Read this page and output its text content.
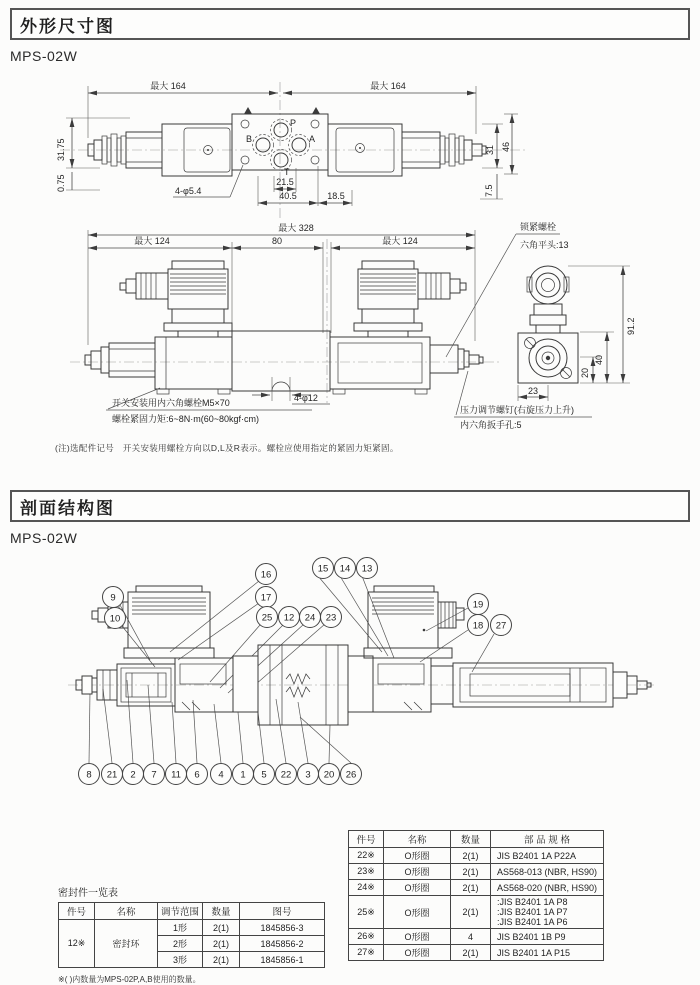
外形尺寸图
MPS-02W
最大 164	最大 164
31.75
0.75
31 46
7.5
P
A
B
T
21.5
40.5	18.5
4-φ5.4
最大 328
最大 124	80	最大 124
4-φ12
开关安装用内六角螺栓M5×70
螺栓紧固力矩:6~8N·m(60~80kgf·cm)
锁紧螺栓
六角平头:13
91.2
40
20
23
压力调节螺钉(右旋压力上升)
内六角扳手孔:5
(注)选配件记号　开关安装用螺栓方向以D,L及R表示。螺栓应使用指定的紧固力矩紧固。
剖面结构图
MPS-02W
9
10
16
17
25 12 24 23
15 14 13
19
18 27
8 21 2 7 11 6 4 1 5 22 3 20 26
密封件一览表
件号	名称	调节范围	数量	图号
12※	密封环	1形	2(1)	1845856-3
		2形	2(1)	1845856-2
		3形	2(1)	1845856-1
※( )内数量为MPS-02P,A,B使用的数量。
件号	名称	数量	部 品 规 格
22※	O形圈	2(1)	JIS B2401 1A P22A
23※	O形圈	2(1)	AS568-013 (NBR, HS90)
24※	O形圈	2(1)	AS568-020 (NBR, HS90)
25※	O形圈	2(1)	:JIS B2401 1A P8
:JIS B2401 1A P7
:JIS B2401 1A P6

26※	O形圈	4	JIS B2401 1B P9
27※	O形圈	2(1)	JIS B2401 1A P15
